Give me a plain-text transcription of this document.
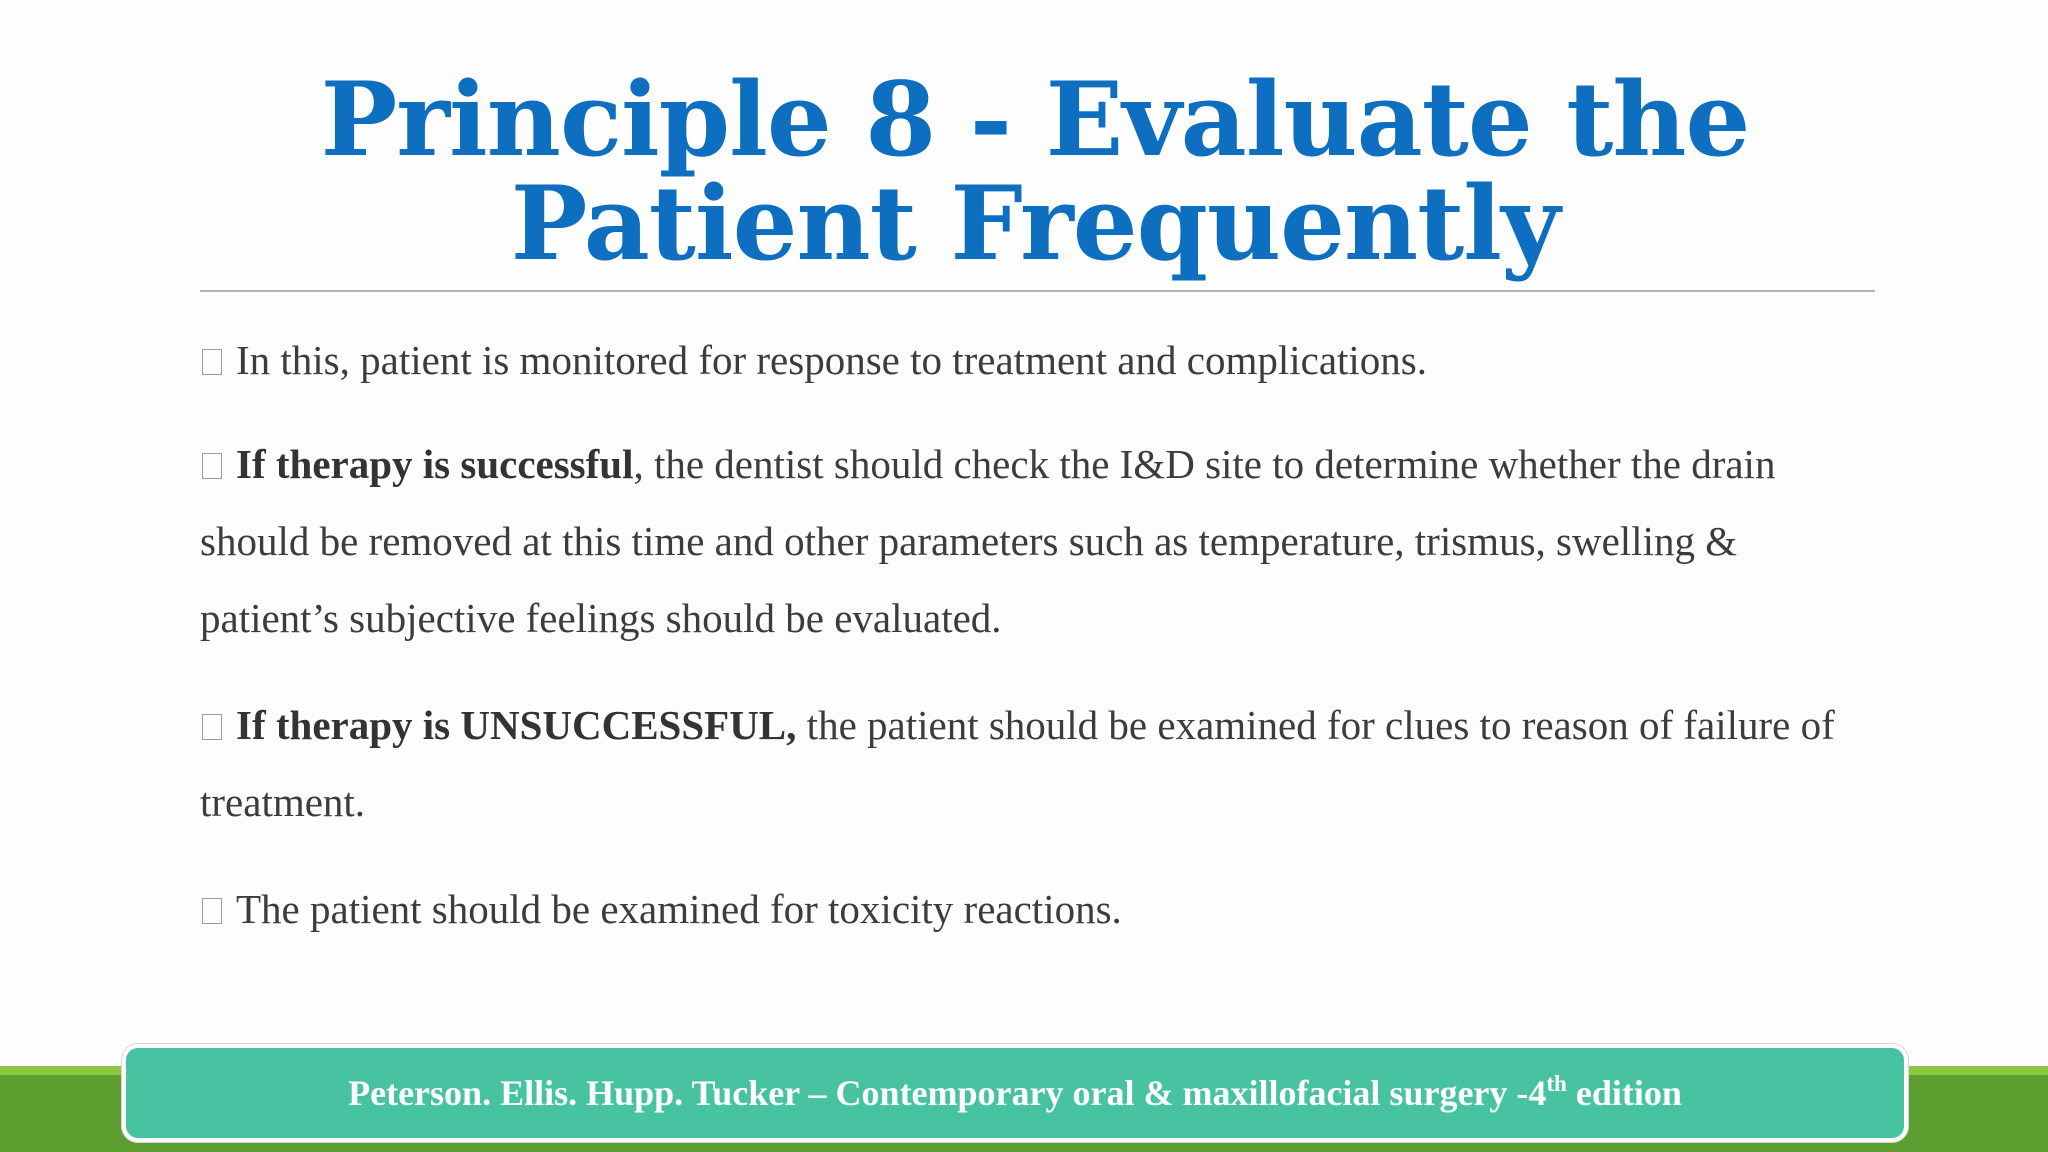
Principle 8 - Evaluate the
Patient Frequently

In this, patient is monitored for response to treatment and complications.

If therapy is successful, the dentist should check the I&D site to determine whether the drain should be removed at this time and other parameters such as temperature, trismus, swelling & patient’s subjective feelings should be evaluated.

If therapy is UNSUCCESSFUL, the patient should be examined for clues to reason of failure of treatment.

The patient should be examined for toxicity reactions.

Peterson. Ellis. Hupp. Tucker – Contemporary oral & maxillofacial surgery -4th edition
